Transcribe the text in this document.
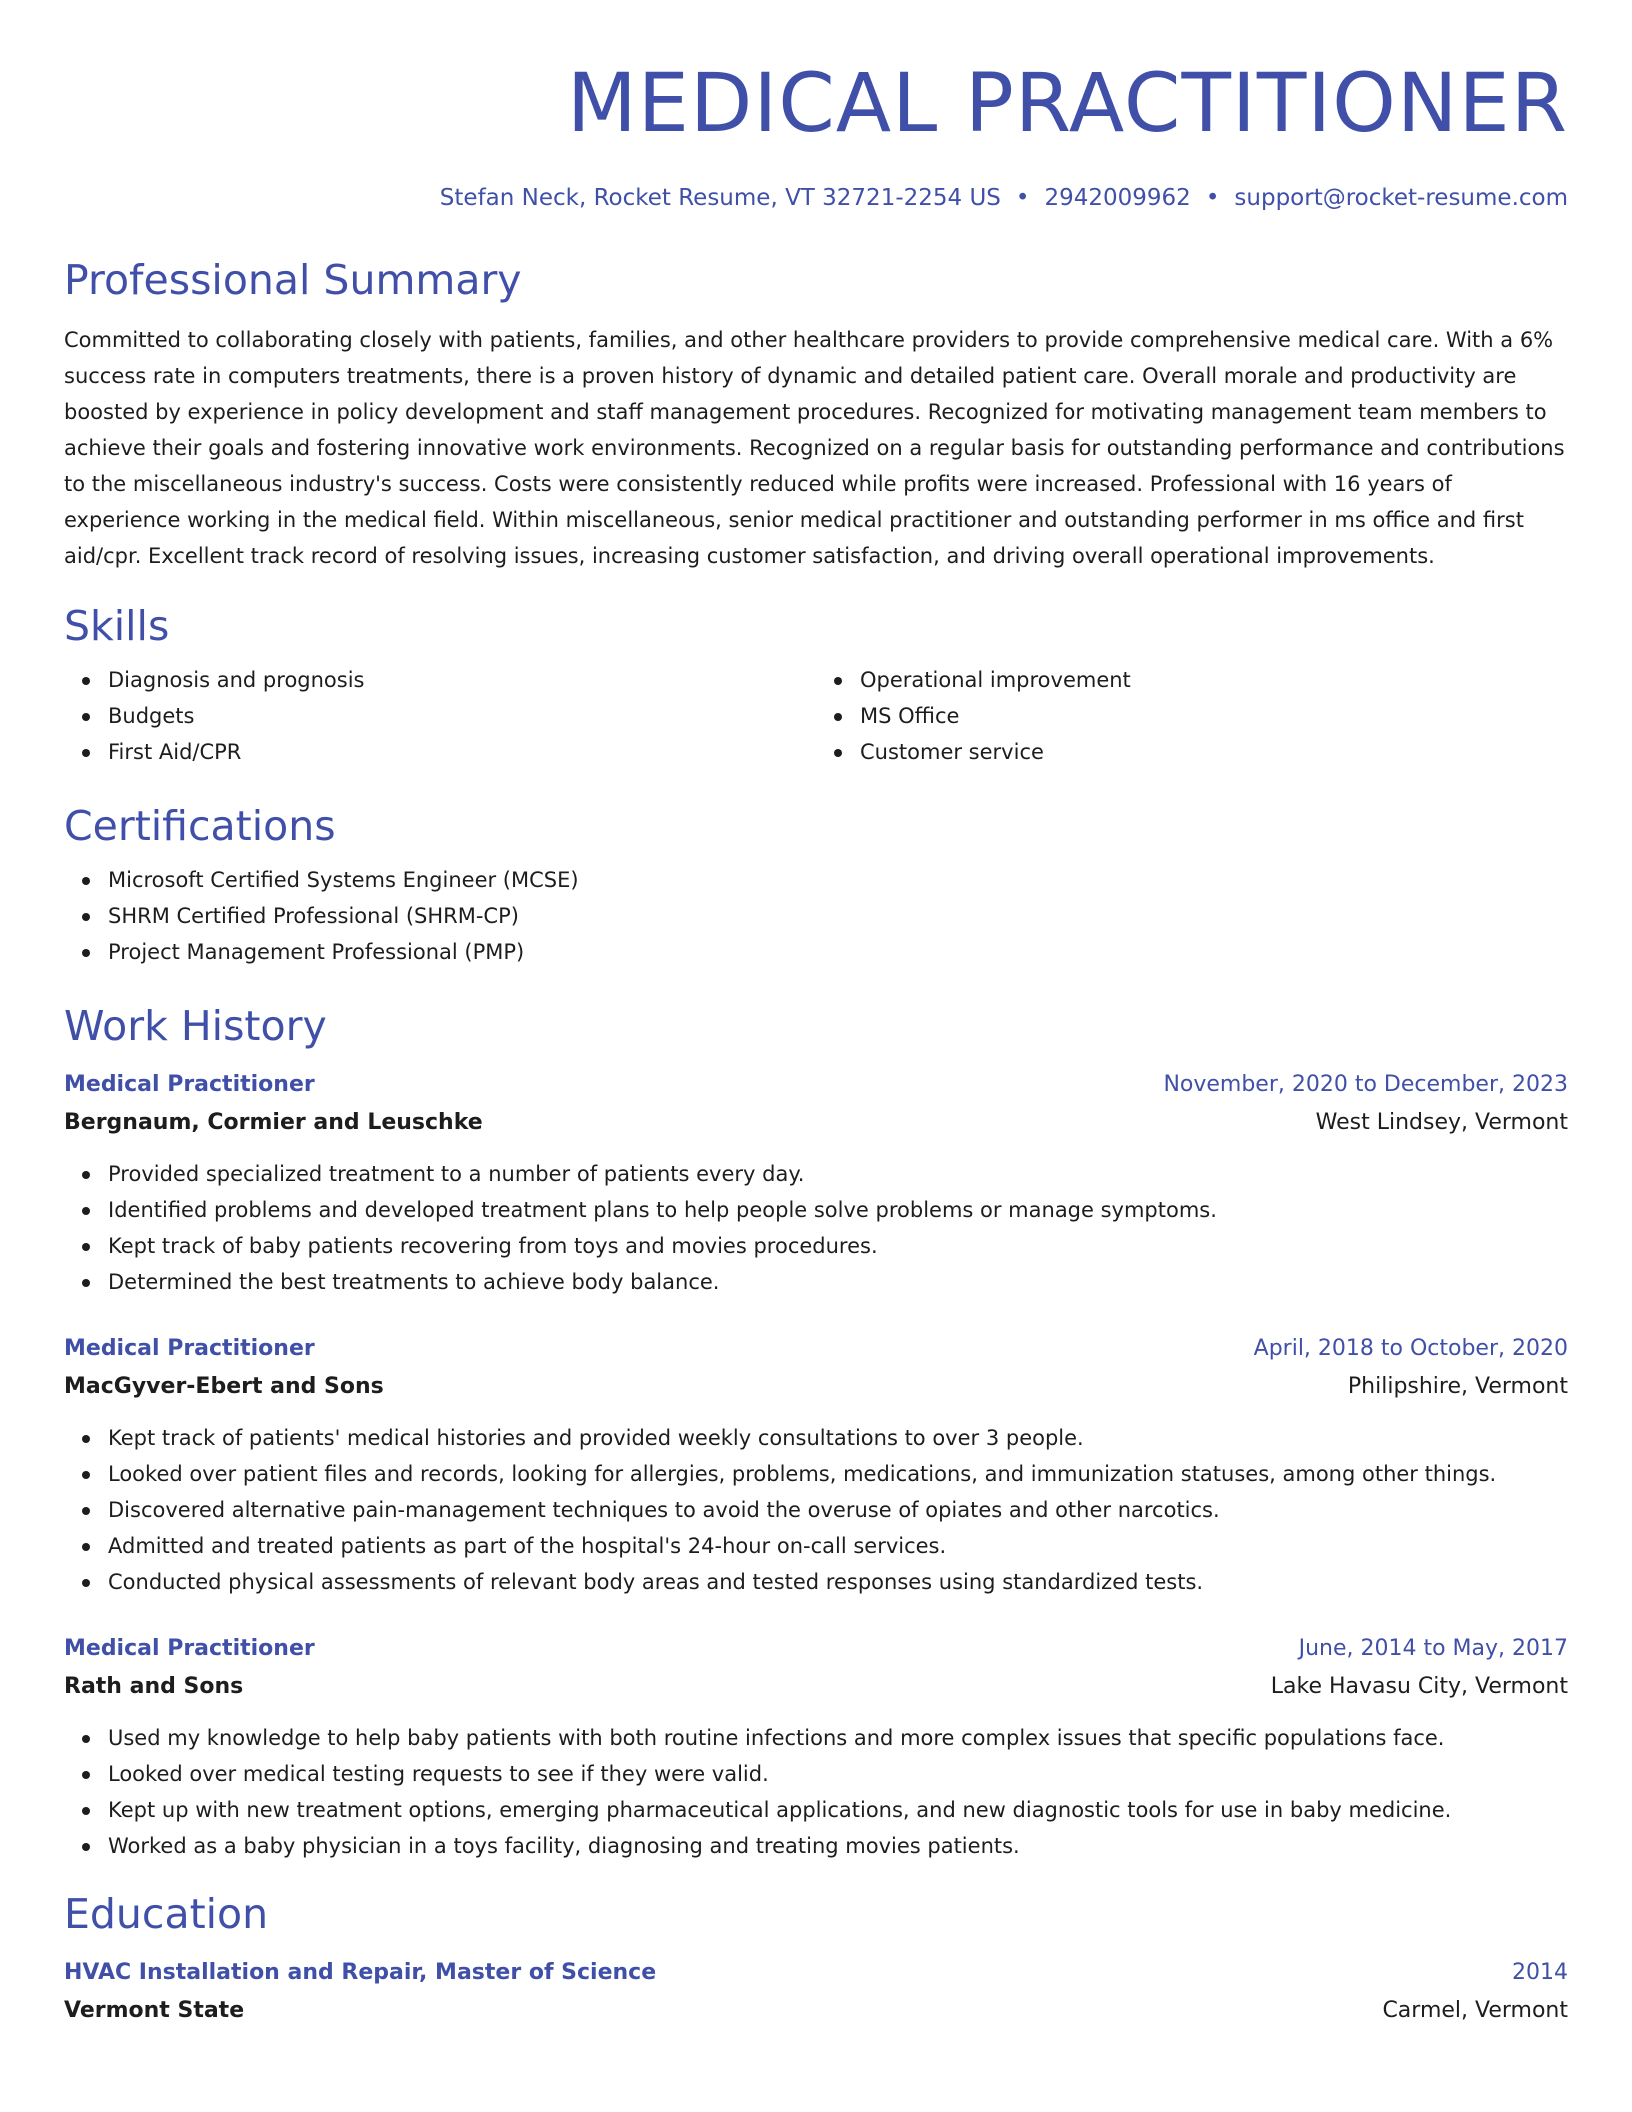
MEDICAL PRACTITIONER
Stefan Neck, Rocket Resume, VT 32721-2254 US • 2942009962 • support@rocket-resume.com
Professional Summary
Committed to collaborating closely with patients, families, and other healthcare providers to provide comprehensive medical care. With a 6% success rate in computers treatments, there is a proven history of dynamic and detailed patient care. Overall morale and productivity are boosted by experience in policy development and staff management procedures. Recognized for motivating management team members to achieve their goals and fostering innovative work environments. Recognized on a regular basis for outstanding performance and contributions to the miscellaneous industry's success. Costs were consistently reduced while profits were increased. Professional with 16 years of experience working in the medical field. Within miscellaneous, senior medical practitioner and outstanding performer in ms office and first aid/cpr. Excellent track record of resolving issues, increasing customer satisfaction, and driving overall operational improvements.
Skills
Diagnosis and prognosis
Budgets
First Aid/CPR
Operational improvement
MS Office
Customer service
Certifications
Microsoft Certified Systems Engineer (MCSE)
SHRM Certified Professional (SHRM-CP)
Project Management Professional (PMP)
Work History
Medical Practitioner	November, 2020 to December, 2023
Bergnaum, Cormier and Leuschke	West Lindsey, Vermont
Provided specialized treatment to a number of patients every day.
Identified problems and developed treatment plans to help people solve problems or manage symptoms.
Kept track of baby patients recovering from toys and movies procedures.
Determined the best treatments to achieve body balance.
Medical Practitioner	April, 2018 to October, 2020
MacGyver-Ebert and Sons	Philipshire, Vermont
Kept track of patients' medical histories and provided weekly consultations to over 3 people.
Looked over patient files and records, looking for allergies, problems, medications, and immunization statuses, among other things.
Discovered alternative pain-management techniques to avoid the overuse of opiates and other narcotics.
Admitted and treated patients as part of the hospital's 24-hour on-call services.
Conducted physical assessments of relevant body areas and tested responses using standardized tests.
Medical Practitioner	June, 2014 to May, 2017
Rath and Sons	Lake Havasu City, Vermont
Used my knowledge to help baby patients with both routine infections and more complex issues that specific populations face.
Looked over medical testing requests to see if they were valid.
Kept up with new treatment options, emerging pharmaceutical applications, and new diagnostic tools for use in baby medicine.
Worked as a baby physician in a toys facility, diagnosing and treating movies patients.
Education
HVAC Installation and Repair, Master of Science	2014
Vermont State	Carmel, Vermont
